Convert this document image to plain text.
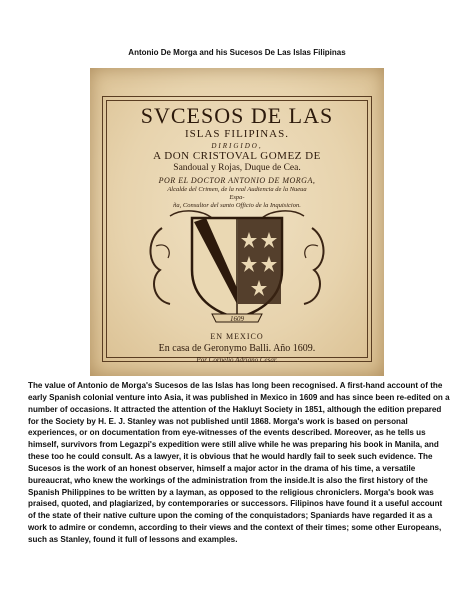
Antonio De Morga and his Sucesos De Las Islas Filipinas
SVCESOS DE LAS
ISLAS FILIPINAS.
DIRIGIDO,
A DON CRISTOVAL GOMEZ DE
Sandoual y Rojas, Duque de Cea.
POR EL DOCTOR ANTONIO DE MORGA,
Alcalde del Crimen, de la real Audiencia de la Nueua
Espa-
ña, Consultor del santo Officio de la Inquisicion.
1609
EN MEXICO
En casa de Geronymo Balli. Año 1609.
Por Cornelio Adriano Cesar.

The value of Antonio de Morga's Sucesos de las Islas has long been recognised. A first-hand account of the early Spanish colonial venture into Asia, it was published in Mexico in 1609 and has since been re-edited on a number of occasions. It attracted the attention of the Hakluyt Society in 1851, although the edition prepared for the Society by H. E. J. Stanley was not published until 1868. Morga's work is based on personal experiences, or on documentation from eye-witnesses of the events described. Moreover, as he tells us himself, survivors from Legazpi's expedition were still alive while he was preparing his book in Manila, and these too he could consult. As a lawyer, it is obvious that he would hardly fail to seek such evidence. The Sucesos is the work of an honest observer, himself a major actor in the drama of his time, a versatile bureaucrat, who knew the workings of the administration from the inside.It is also the first history of the Spanish Philippines to be written by a layman, as opposed to the religious chroniclers. Morga's book was praised, quoted, and plagiarized, by contemporaries or successors. Filipinos have found it a useful account of the state of their native culture upon the coming of the conquistadors; Spaniards have regarded it as a work to admire or condemn, according to their views and the context of their times; some other Europeans, such as Stanley, found it full of lessons and examples.
